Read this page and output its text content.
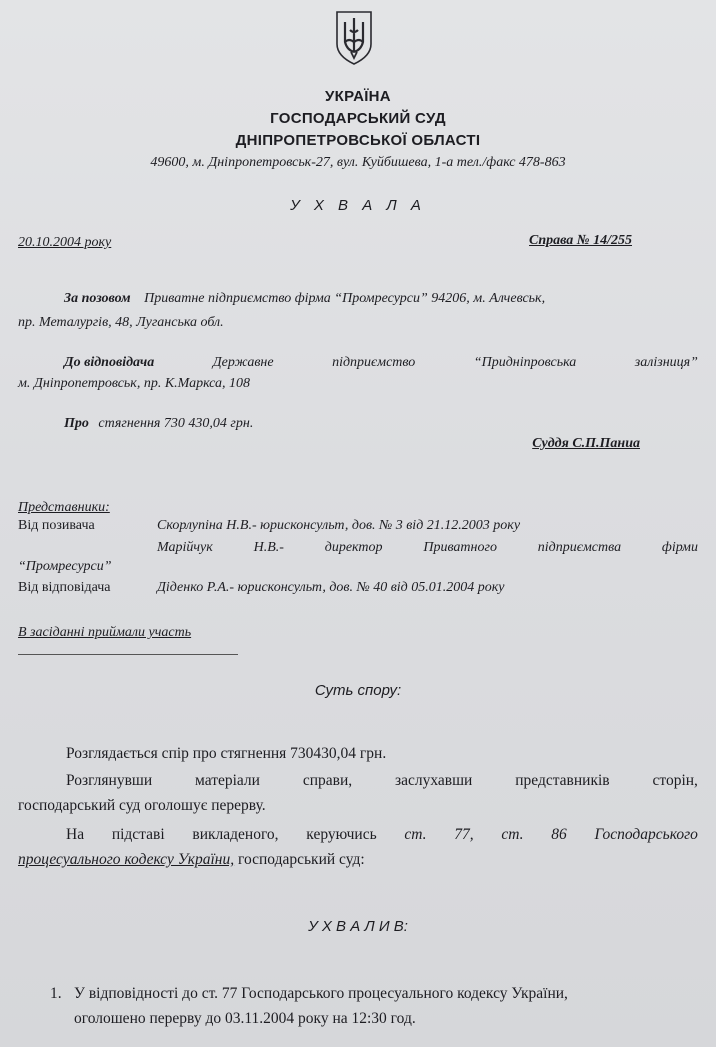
УКРАЇНА
ГОСПОДАРСЬКИЙ СУД
ДНІПРОПЕТРОВСЬКОЇ ОБЛАСТІ
49600, м. Дніпропетровськ-27, вул. Куйбишева, 1-а тел./факс 478-863
У Х В А Л А
20.10.2004 року	Справа № 14/255
За позовом Приватне підприємство фірма “Промресурси” 94206, м. Алчевськ,
пр. Металургів, 48, Луганська обл.
До відповідача	Державне	підприємство	“Придніпровська	залізниця”
м. Дніпропетровськ, пр. К.Маркса, 108
Про стягнення 730 430,04 грн.
Суддя С.П.Паниа
Представники:
Від позивача	Скорлупіна Н.В.- юрисконсульт, дов. № 3 від 21.12.2003 року
Марійчук	Н.В.-	директор	Приватного	підприємства	фірми
“Промресурси”
Від відповідача	Діденко Р.А.- юрисконсульт, дов. № 40 від 05.01.2004 року
В засіданні приймали участь
Суть спору:
Розглядається спір про стягнення 730430,04 грн.
Розглянувши	матеріали	справи,	заслухавши	представників	сторін,
господарський суд оголошує перерву.
На підставі викладеного, керуючись ст. 77, ст. 86 Господарського
процесуального кодексу України, господарський суд:
У Х В А Л И В:
1. У відповідності до ст. 77 Господарського процесуального кодексу України,
оголошено перерву до 03.11.2004 року на 12:30 год.
